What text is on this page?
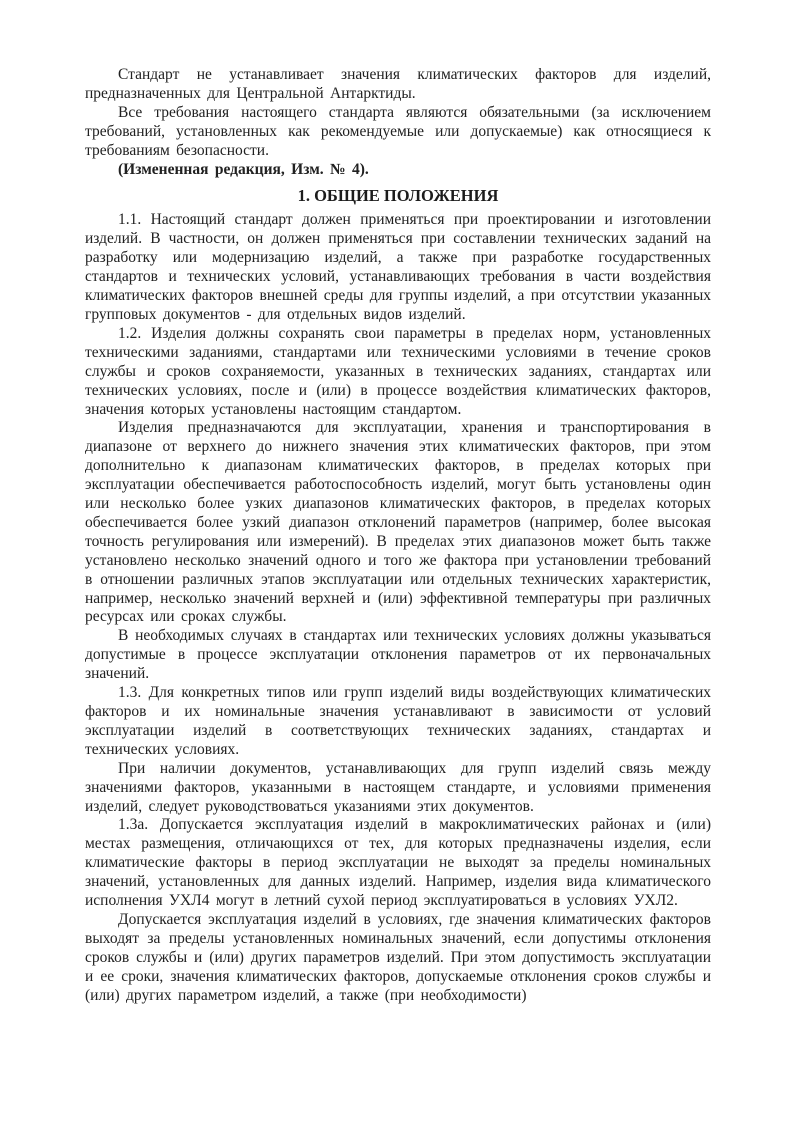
Стандарт не устанавливает значения климатических факторов для изделий, предназначенных для Центральной Антарктиды.

Все требования настоящего стандарта являются обязательными (за исключением требований, установленных как рекомендуемые или допускаемые) как относящиеся к требованиям безопасности.

(Измененная редакция, Изм. № 4).

1. ОБЩИЕ ПОЛОЖЕНИЯ

1.1. Настоящий стандарт должен применяться при проектировании и изготовлении изделий. В частности, он должен применяться при составлении технических заданий на разработку или модернизацию изделий, а также при разработке государственных стандартов и технических условий, устанавливающих требования в части воздействия климатических факторов внешней среды для группы изделий, а при отсутствии указанных групповых документов - для отдельных видов изделий.

1.2. Изделия должны сохранять свои параметры в пределах норм, установленных техническими заданиями, стандартами или техническими условиями в течение сроков службы и сроков сохраняемости, указанных в технических заданиях, стандартах или технических условиях, после и (или) в процессе воздействия климатических факторов, значения которых установлены настоящим стандартом.

Изделия предназначаются для эксплуатации, хранения и транспортирования в диапазоне от верхнего до нижнего значения этих климатических факторов, при этом дополнительно к диапазонам климатических факторов, в пределах которых при эксплуатации обеспечивается работоспособность изделий, могут быть установлены один или несколько более узких диапазонов климатических факторов, в пределах которых обеспечивается более узкий диапазон отклонений параметров (например, более высокая точность регулирования или измерений). В пределах этих диапазонов может быть также установлено несколько значений одного и того же фактора при установлении требований в отношении различных этапов эксплуатации или отдельных технических характеристик, например, несколько значений верхней и (или) эффективной температуры при различных ресурсах или сроках службы.

В необходимых случаях в стандартах или технических условиях должны указываться допустимые в процессе эксплуатации отклонения параметров от их первоначальных значений.

1.3. Для конкретных типов или групп изделий виды воздействующих климатических факторов и их номинальные значения устанавливают в зависимости от условий эксплуатации изделий в соответствующих технических заданиях, стандартах и технических условиях.

При наличии документов, устанавливающих для групп изделий связь между значениями факторов, указанными в настоящем стандарте, и условиями применения изделий, следует руководствоваться указаниями этих документов.

1.3а. Допускается эксплуатация изделий в макроклиматических районах и (или) местах размещения, отличающихся от тех, для которых предназначены изделия, если климатические факторы в период эксплуатации не выходят за пределы номинальных значений, установленных для данных изделий. Например, изделия вида климатического исполнения УХЛ4 могут в летний сухой период эксплуатироваться в условиях УХЛ2.

Допускается эксплуатация изделий в условиях, где значения климатических факторов выходят за пределы установленных номинальных значений, если допустимы отклонения сроков службы и (или) других параметров изделий. При этом допустимость эксплуатации и ее сроки, значения климатических факторов, допускаемые отклонения сроков службы и (или) других параметром изделий, а также (при необходимости)
